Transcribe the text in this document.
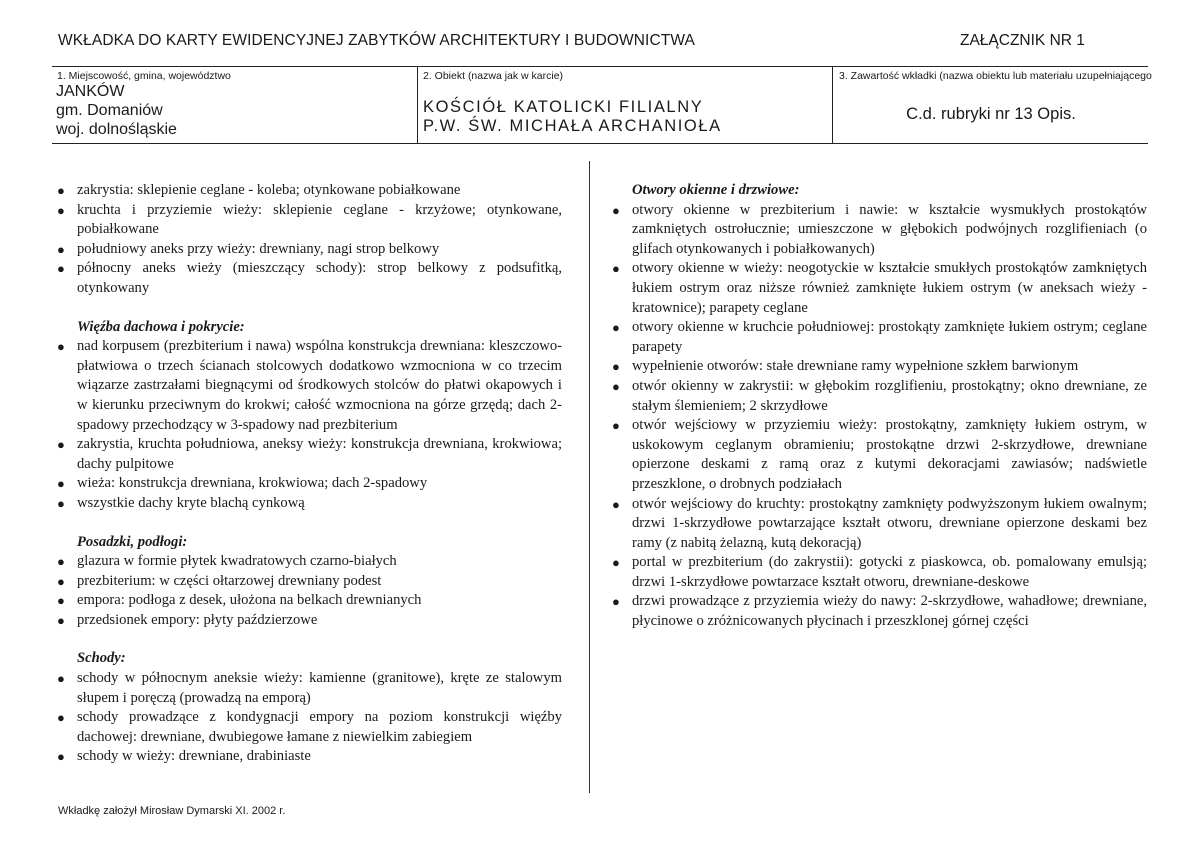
WKŁADKA DO KARTY EWIDENCYJNEJ ZABYTKÓW ARCHITEKTURY I BUDOWNICTWA	ZAŁĄCZNIK NR 1
1. Miejscowość, gmina, województwo
JANKÓW
gm. Domaniów
woj. dolnośląskie
2. Obiekt (nazwa jak w karcie)
KOŚCIÓŁ KATOLICKI FILIALNY
P.W. ŚW. MICHAŁA ARCHANIOŁA
3. Zawartość wkładki (nazwa obiektu lub materiału uzupełniającego
C.d. rubryki nr 13 Opis.
● zakrystia: sklepienie ceglane - koleba; otynkowane pobiałkowane
● kruchta i przyziemie wieży: sklepienie ceglane - krzyżowe; otynkowane, pobiałkowane
● południowy aneks przy wieży: drewniany, nagi strop belkowy
● północny aneks wieży (mieszczący schody): strop belkowy z podsufitką, otynkowany
Więźba dachowa i pokrycie:
● nad korpusem (prezbiterium i nawa) wspólna konstrukcja drewniana: kleszczowo-płatwiowa o trzech ścianach stolcowych dodatkowo wzmocniona w co trzecim wiązarze zastrzałami biegnącymi od środkowych stolców do płatwi okapowych i w kierunku przeciwnym do krokwi; całość wzmocniona na górze grzędą; dach 2-spadowy przechodzący w 3-spadowy nad prezbiterium
● zakrystia, kruchta południowa, aneksy wieży: konstrukcja drewniana, krokwiowa; dachy pulpitowe
● wieża: konstrukcja drewniana, krokwiowa; dach 2-spadowy
● wszystkie dachy kryte blachą cynkową
Posadzki, podłogi:
● glazura w formie płytek kwadratowych czarno-białych
● prezbiterium: w części ołtarzowej drewniany podest
● empora: podłoga z desek, ułożona na belkach drewnianych
● przedsionek empory: płyty paździerzowe
Schody:
● schody w północnym aneksie wieży: kamienne (granitowe), kręte ze stalowym słupem i poręczą (prowadzą na emporą)
● schody prowadzące z kondygnacji empory na poziom konstrukcji więźby dachowej: drewniane, dwubiegowe łamane z niewielkim zabiegiem
● schody w wieży: drewniane, drabiniaste
Otwory okienne i drzwiowe:
● otwory okienne w prezbiterium i nawie: w kształcie wysmukłych prostokątów zamkniętych ostrołucznie; umieszczone w głębokich podwójnych rozglifieniach (o glifach otynkowanych i pobiałkowanych)
● otwory okienne w wieży: neogotyckie w kształcie smukłych prostokątów zamkniętych łukiem ostrym oraz niższe również zamknięte łukiem ostrym (w aneksach wieży - kratownice); parapety ceglane
● otwory okienne w kruchcie południowej: prostokąty zamknięte łukiem ostrym; ceglane parapety
● wypełnienie otworów: stałe drewniane ramy wypełnione szkłem barwionym
● otwór okienny w zakrystii: w głębokim rozglifieniu, prostokątny; okno drewniane, ze stałym ślemieniem; 2 skrzydłowe
● otwór wejściowy w przyziemiu wieży: prostokątny, zamknięty łukiem ostrym, w uskokowym ceglanym obramieniu; prostokątne drzwi 2-skrzydłowe, drewniane opierzone deskami z ramą oraz z kutymi dekoracjami zawiasów; nadświetle przeszklone, o drobnych podziałach
● otwór wejściowy do kruchty: prostokątny zamknięty podwyższonym łukiem owalnym; drzwi 1-skrzydłowe powtarzające kształt otworu, drewniane opierzone deskami bez ramy (z nabitą żelazną, kutą dekoracją)
● portal w prezbiterium (do zakrystii): gotycki z piaskowca, ob. pomalowany emulsją; drzwi 1-skrzydłowe powtarzace kształt otworu, drewniane-deskowe
● drzwi prowadzące z przyziemia wieży do nawy: 2-skrzydłowe, wahadłowe; drewniane, płycinowe o zróżnicowanych płycinach i przeszklonej górnej części
Wkładkę założył Mirosław Dymarski XI. 2002 r.
